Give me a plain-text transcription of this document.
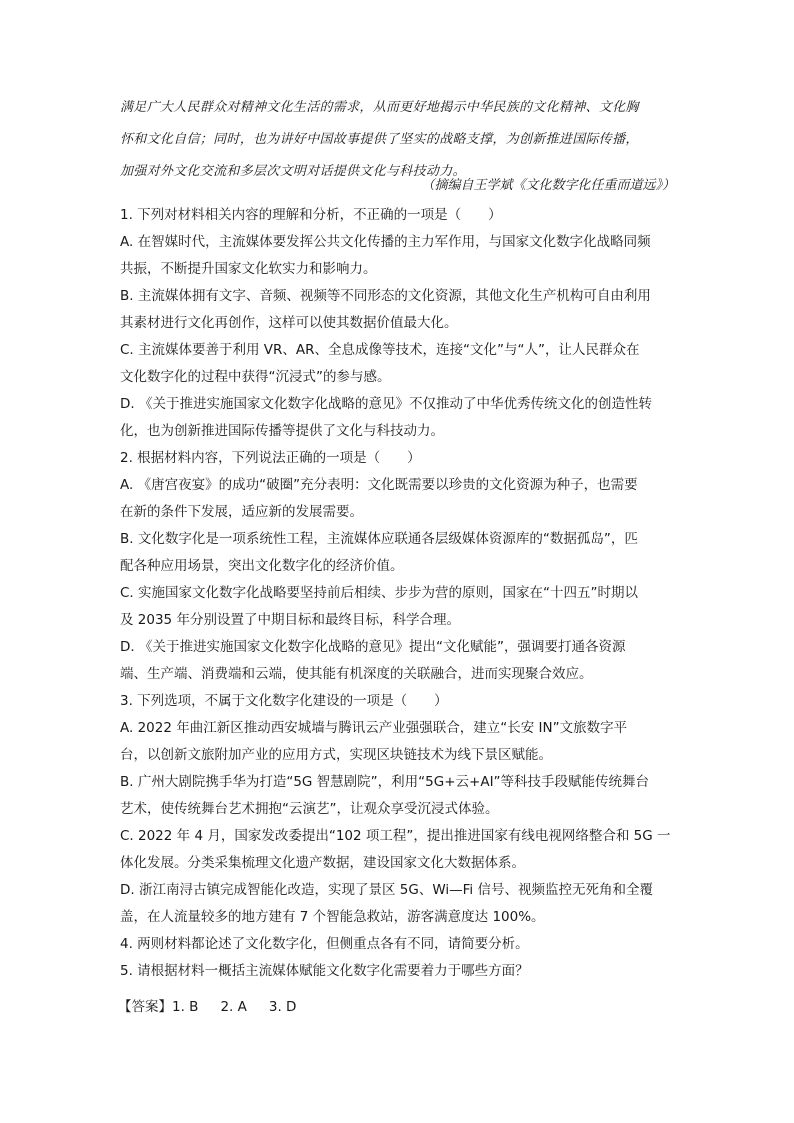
满足广大人民群众对精神文化生活的需求，从而更好地揭示中华民族的文化精神、文化胸

怀和文化自信；同时，也为讲好中国故事提供了坚实的战略支撑，为创新推进国际传播，

加强对外文化交流和多层次文明对话提供文化与科技动力。

（摘编自王学斌《文化数字化任重而道远》）

1. 下列对材料相关内容的理解和分析，不正确的一项是（　　）

A. 在智媒时代，主流媒体要发挥公共文化传播的主力军作用，与国家文化数字化战略同频

共振，不断提升国家文化软实力和影响力。

B. 主流媒体拥有文字、音频、视频等不同形态的文化资源，其他文化生产机构可自由利用

其素材进行文化再创作，这样可以使其数据价值最大化。

C. 主流媒体要善于利用 VR、AR、全息成像等技术，连接“文化”与“人”，让人民群众在

文化数字化的过程中获得“沉浸式”的参与感。

D. 《关于推进实施国家文化数字化战略的意见》不仅推动了中华优秀传统文化的创造性转

化，也为创新推进国际传播等提供了文化与科技动力。

2. 根据材料内容，下列说法正确的一项是（　　）

A. 《唐宫夜宴》的成功“破圈”充分表明：文化既需要以珍贵的文化资源为种子，也需要

在新的条件下发展，适应新的发展需要。

B. 文化数字化是一项系统性工程，主流媒体应联通各层级媒体资源库的“数据孤岛”，匹

配各种应用场景，突出文化数字化的经济价值。

C. 实施国家文化数字化战略要坚持前后相续、步步为营的原则，国家在“十四五”时期以

及 2035 年分别设置了中期目标和最终目标，科学合理。

D. 《关于推进实施国家文化数字化战略的意见》提出“文化赋能”，强调要打通各资源

端、生产端、消费端和云端，使其能有机深度的关联融合，进而实现聚合效应。

3. 下列选项，不属于文化数字化建设的一项是（　　）

A. 2022 年曲江新区推动西安城墙与腾讯云产业强强联合，建立“长安 IN”文旅数字平

台，以创新文旅附加产业的应用方式，实现区块链技术为线下景区赋能。

B. 广州大剧院携手华为打造“5G 智慧剧院”，利用“5G+云+AI”等科技手段赋能传统舞台

艺术，使传统舞台艺术拥抱“云演艺”，让观众享受沉浸式体验。

C. 2022 年 4 月，国家发改委提出“102 项工程”，提出推进国家有线电视网络整合和 5G 一

体化发展。分类采集梳理文化遗产数据，建设国家文化大数据体系。

D. 浙江南浔古镇完成智能化改造，实现了景区 5G、Wi—Fi 信号、视频监控无死角和全覆

盖，在人流量较多的地方建有 7 个智能急救站，游客满意度达 100%。

4. 两则材料都论述了文化数字化，但侧重点各有不同，请简要分析。

5. 请根据材料一概括主流媒体赋能文化数字化需要着力于哪些方面？

【答案】1. B 2. A 3. D
